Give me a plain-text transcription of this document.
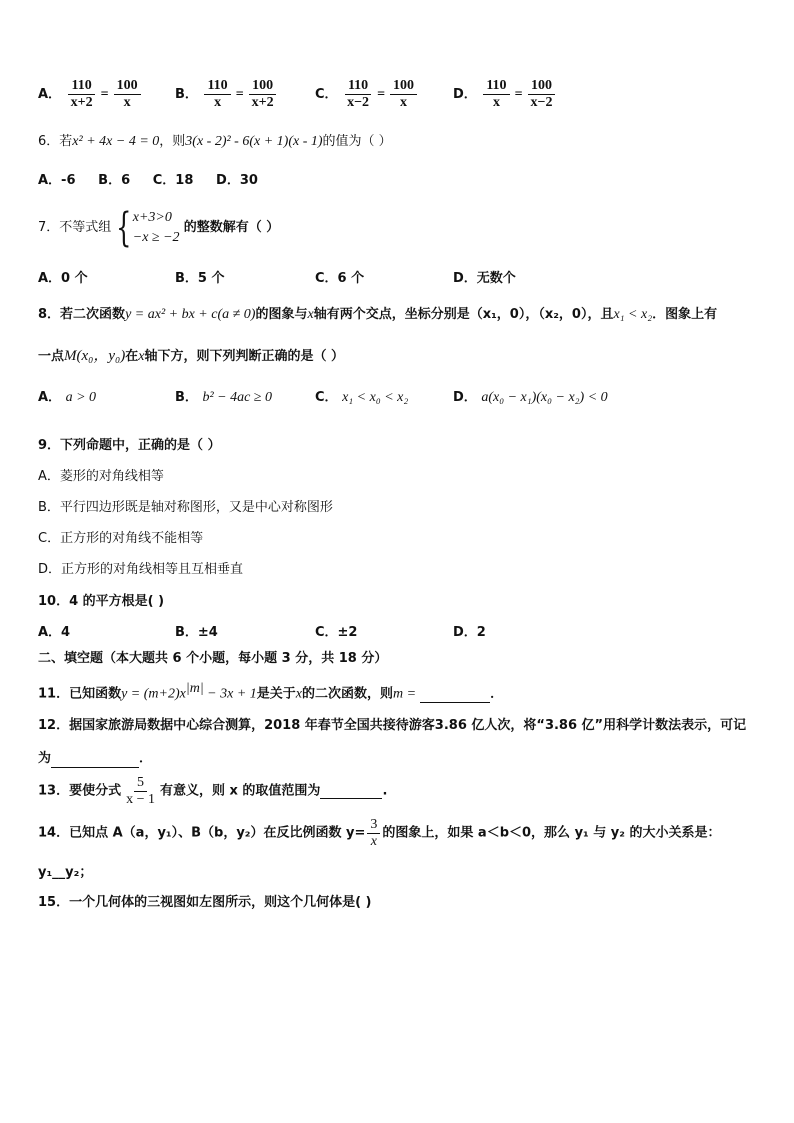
A． $\frac{110}{x+2} = \frac{100}{x}$	B． $\frac{110}{x} = \frac{100}{x+2}$	C． $\frac{110}{x-2} = \frac{100}{x}$	D． $\frac{110}{x} = \frac{100}{x-2}$
6．若x² + 4x − 4 = 0，则3(x - 2)² - 6(x + 1)(x - 1)的值为（ ）
A．-6 B．6 C．18 D．30
7．不等式组 { x+3>0
−x ≥ −2
的整数解有（ ）
A．0 个	B．5 个	C．6 个	D．无数个
8．若二次函数y = ax² + bx + c(a ≠ 0)的图象与x轴有两个交点，坐标分别是（x₁，0），（x₂，0），且x₁ < x₂．图象上有
一点M(x₀，y₀)在x轴下方，则下列判断正确的是（ ）
A． a > 0	B． b² − 4ac ≥ 0	C． x₁ < x₀ < x₂	D． a(x₀ − x₁)(x₀ − x₂) < 0
9．下列命题中，正确的是（ ）
A．菱形的对角线相等
B．平行四边形既是轴对称图形，又是中心对称图形
C．正方形的对角线不能相等
D．正方形的对角线相等且互相垂直
10．4 的平方根是( )
A．4	B．±4	C．±2	D．2
二、填空题（本大题共 6 个小题，每小题 3 分，共 18 分）
11．已知函数$y = (m+2)x^{|m|} - 3x + 1$是关于x的二次函数，则m =	．
12．据国家旅游局数据中心综合测算，2018 年春节全国共接待游客3.86 亿人次，将“3.86 亿”用科学计数法表示，可记
为	．
13．要使分式 $\frac{5}{x - 1}$ 有意义，则 x 的取值范围为	.
14．已知点 A（a，y₁）、B（b，y₂）在反比例函数 $y= \frac{3}{x}$ 的图象上，如果 a＜b＜0，那么 y₁ 与 y₂ 的大小关系是：
y₁__y₂；
15．一个几何体的三视图如左图所示，则这个几何体是( )
